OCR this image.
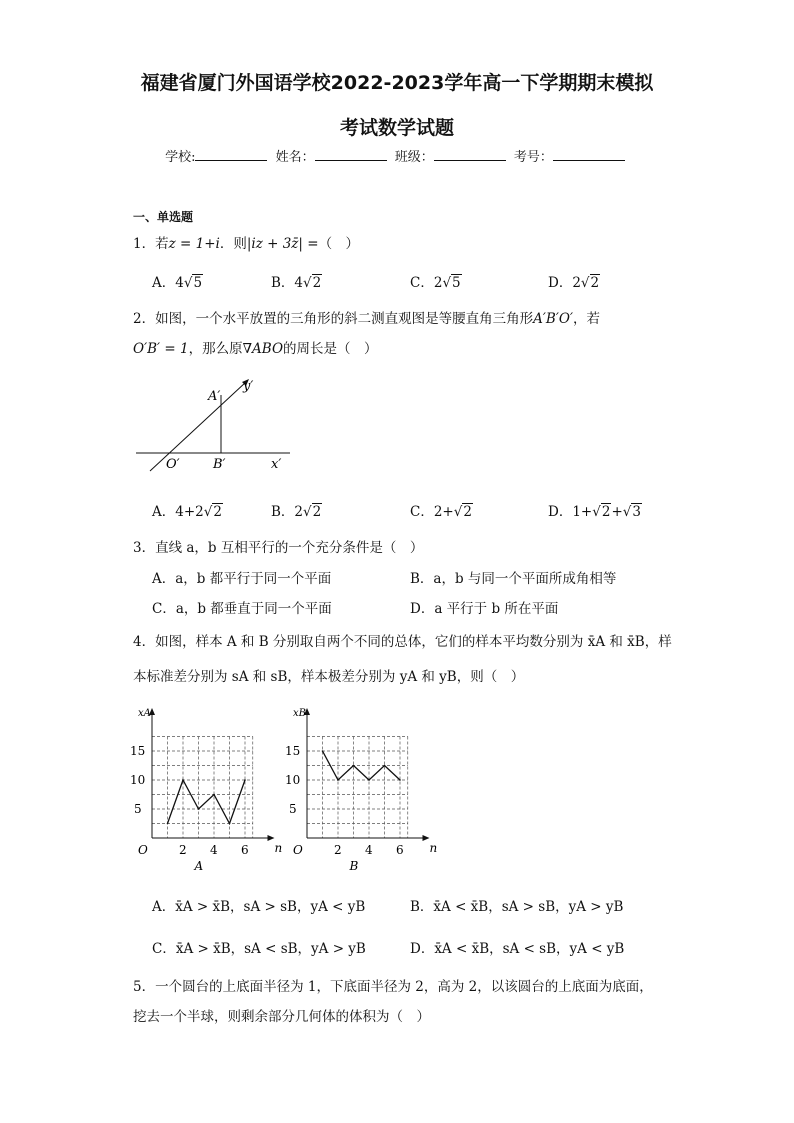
福建省厦门外国语学校2022-2023学年高一下学期期末模拟
考试数学试题
学校:	姓名：	班级：	考号：
一、单选题
1．若z = 1+i．则|iz + 3z̄| =（　）
A．4√5	B．4√2	C．2√5	D．2√2
2．如图，一个水平放置的三角形的斜二测直观图是等腰直角三角形A′B′O′，若
O′B′ = 1，那么原∇ABO的周长是（　）
y′
A′
O′	B′	x′
A．4+2√2	B．2√2	C．2+√2	D．1+√2+√3
3．直线 a，b 互相平行的一个充分条件是（　）
A．a，b 都平行于同一个平面	B．a，b 与同一个平面所成角相等
C．a，b 都垂直于同一个平面	D．a 平行于 b 所在平面
4．如图，样本 A 和 B 分别取自两个不同的总体，它们的样本平均数分别为 x̄A 和 x̄B，样
本标准差分别为 sA 和 sB，样本极差分别为 yA 和 yB，则（　）
xA
n
O	2 4 6
5
10
15
A
xB
n
O	2 4 6
5
10
15
B
A．x̄A > x̄B，sA > sB，yA < yB	B．x̄A < x̄B，sA > sB，yA > yB
C．x̄A > x̄B，sA < sB，yA > yB	D．x̄A < x̄B，sA < sB，yA < yB
5．一个圆台的上底面半径为 1，下底面半径为 2，高为 2，以该圆台的上底面为底面，
挖去一个半球，则剩余部分几何体的体积为（　）
